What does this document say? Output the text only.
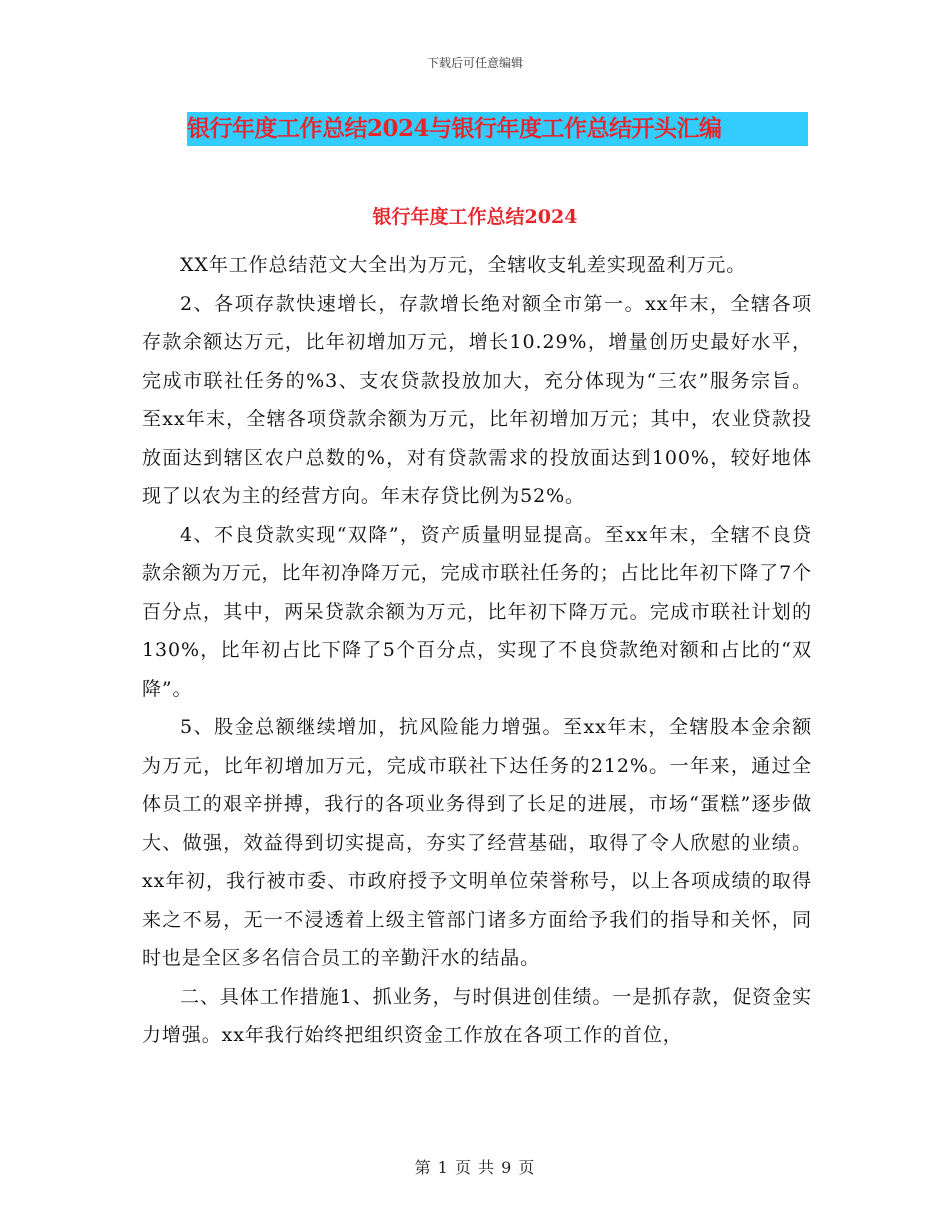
下载后可任意编辑
银行年度工作总结2024与银行年度工作总结开头汇编
银行年度工作总结2024

XX年工作总结范文大全出为万元，全辖收支轧差实现盈利万元。

2、各项存款快速增长，存款增长绝对额全市第一。xx年末，全辖各项存款余额达万元，比年初增加万元，增长10.29%，增量创历史最好水平，完成市联社任务的%3、支农贷款投放加大，充分体现为“三农”服务宗旨。至xx年末，全辖各项贷款余额为万元，比年初增加万元；其中，农业贷款投放面达到辖区农户总数的%，对有贷款需求的投放面达到100%，较好地体现了以农为主的经营方向。年末存贷比例为52%。

4、不良贷款实现“双降”，资产质量明显提高。至xx年末，全辖不良贷款余额为万元，比年初净降万元，完成市联社任务的；占比比年初下降了7个百分点，其中，两呆贷款余额为万元，比年初下降万元。完成市联社计划的130%，比年初占比下降了5个百分点，实现了不良贷款绝对额和占比的“双降”。

5、股金总额继续增加，抗风险能力增强。至xx年末，全辖股本金余额为万元，比年初增加万元，完成市联社下达任务的212%。一年来，通过全体员工的艰辛拼搏，我行的各项业务得到了长足的进展，市场“蛋糕”逐步做大、做强，效益得到切实提高，夯实了经营基础，取得了令人欣慰的业绩。xx年初，我行被市委、市政府授予文明单位荣誉称号，以上各项成绩的取得来之不易，无一不浸透着上级主管部门诸多方面给予我们的指导和关怀，同时也是全区多名信合员工的辛勤汗水的结晶。

二、具体工作措施1、抓业务，与时俱进创佳绩。一是抓存款，促资金实力增强。xx年我行始终把组织资金工作放在各项工作的首位，

第 1 页 共 9 页
